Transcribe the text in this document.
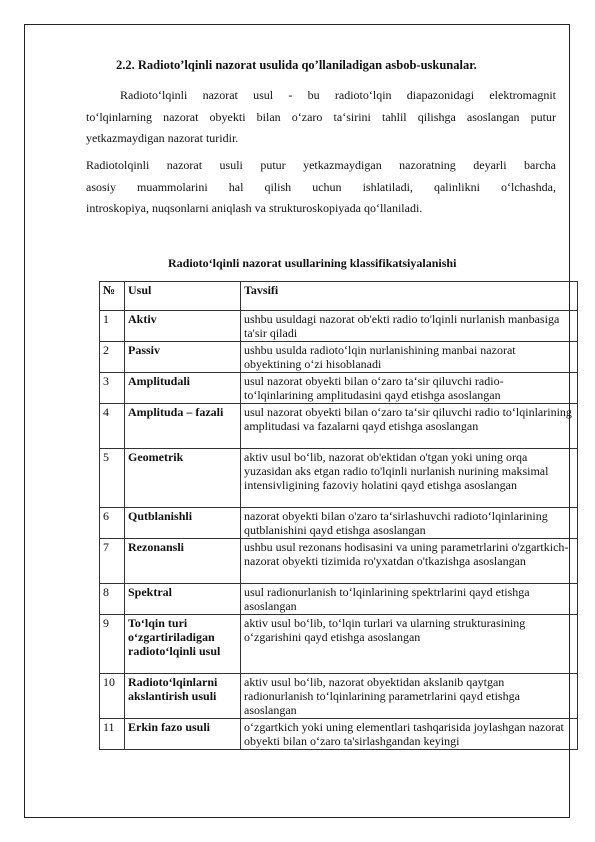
2.2. Radioto’lqinli nazorat usulida qo’llaniladigan asbob-uskunalar.
Radioto‘lqinli nazorat usul - bu radioto‘lqin diapazonidagi elektromagnit
to‘lqinlarning nazorat obyekti bilan o‘zaro ta‘sirini tahlil qilishga asoslangan putur
yetkazmaydigan nazorat turidir.
Radiotolqinli nazorat usuli putur yetkazmaydigan nazoratning deyarli barcha
asosiy muammolarini hal qilish uchun ishlatiladi, qalinlikni o‘lchashda,
introskopiya, nuqsonlarni aniqlash va strukturoskopiyada qo‘llaniladi.
Radioto‘lqinli nazorat usullarining klassifikatsiyalanishi
№	Usul	Tavsifi
1	Aktiv	ushbu usuldagi nazorat ob'ekti radio to'lqinli nurlanish manbasiga ta'sir qiladi
2	Passiv	ushbu usulda radioto‘lqin nurlanishining manbai nazorat obyektining o‘zi hisoblanadi
3	Amplitudali	usul nazorat obyekti bilan o‘zaro ta‘sir qiluvchi radio- to‘lqinlarining amplitudasini qayd etishga asoslangan
4	Amplituda – fazali	usul nazorat obyekti bilan o‘zaro ta‘sir qiluvchi radio to‘lqinlarining amplitudasi va fazalarni qayd etishga asoslangan
5	Geometrik	aktiv usul bo‘lib, nazorat ob'ektidan o'tgan yoki uning orqa yuzasidan aks etgan radio to'lqinli nurlanish nurining maksimal intensivligining fazoviy holatini qayd etishga asoslangan
6	Qutblanishli	nazorat obyekti bilan o'zaro ta‘sirlashuvchi radioto‘lqinlarining qutblanishini qayd etishga asoslangan
7	Rezonansli	ushbu usul rezonans hodisasini va uning parametrlarini o'zgartkich-nazorat obyekti tizimida ro'yxatdan o'tkazishga asoslangan
8	Spektral	usul radionurlanish to‘lqinlarining spektrlarini qayd etishga asoslangan
9	To‘lqin turi o‘zgartiriladigan radioto‘lqinli usul	aktiv usul bo‘lib, to‘lqin turlari va ularning strukturasining o‘zgarishini qayd etishga asoslangan
10	Radioto‘lqinlarni akslantirish usuli	aktiv usul bo‘lib, nazorat obyektidan akslanib qaytgan radionurlanish to‘lqinlarining parametrlarini qayd etishga asoslangan
11	Erkin fazo usuli	o‘zgartkich yoki uning elementlari tashqarisida joylashgan nazorat obyekti bilan o‘zaro ta'sirlashgandan keyingi
